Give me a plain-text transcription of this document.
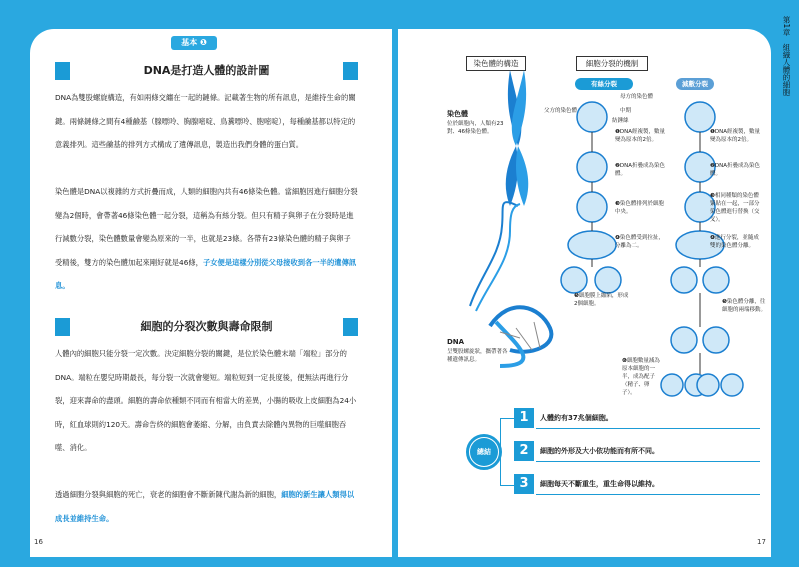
基本 ❶
DNA是打造人體的設計圖

DNA為雙股螺旋構造，有如兩條交纏在一起的鏈條。記載著生物的所有訊息，是維持生命的關鍵。兩條鏈條之間有4種鹼基（腺嘌呤、胸腺嘧啶、鳥糞嘌呤、胞嘧啶），每種鹼基都以特定的意義排列。這些鹼基的排列方式構成了遺傳訊息，製造出我們身體的蛋白質。

染色體是DNA以複雜的方式折疊而成，人類的細胞內共有46條染色體。當細胞因進行細胞分裂變為2個時，會帶著46條染色體一起分裂，這稱為有絲分裂。但只有精子與卵子在分裂時是進行減數分裂，染色體數量會變為原來的一半，也就是23條。各帶有23條染色體的精子與卵子受精後，雙方的染色體加起來剛好就是46條，子女便是這樣分別從父母接收到各一半的遺傳訊息。

細胞的分裂次數與壽命限制

人體內的細胞只能分裂一定次數。決定細胞分裂的關鍵，是位於染色體末端「端粒」部分的DNA。端粒在嬰兒時期最長，每分裂一次就會變短。端粒短到一定長度後，便無法再進行分裂，迎來壽命的盡頭。細胞的壽命依種類不同而有相當大的差異，小腸的吸收上皮細胞為24小時，紅血球則約120天。壽命告終的細胞會萎縮、分解，由負責去除體內異物的巨噬細胞吞噬、消化。

透過細胞分裂與細胞的死亡，衰老的細胞會不斷新陳代謝為新的細胞，細胞的新生讓人類得以成長並維持生命。

16	17
第1章　組織人體的細胞
染色體的構造
染色體
位於細胞內，人類有23對、46條染色體。
DNA
呈雙股螺旋狀，攜帶著各種遺傳訊息。
細胞分裂的機制
有絲分裂	減數分裂
母方的染色體
父方的染色體	中期
紡錘絲
❶DNA經複製，數量變為原本的2倍。
❷DNA折疊成為染色體。
❸染色體排列於細胞中央。
❹染色體受到拉扯，分離為二。
❺細胞膜上縮陷，形成2個細胞。
❶DNA經複製，數量變為原本的2倍。
❷DNA折疊成為染色體。
❸相同種類的染色體緊貼在一起，一部分染色體進行替換（交叉）。
❹進行分裂，並隨成雙的染色體分離。
❺染色體分離，往細胞的兩端移動。
❻細胞數量減為原本細胞的一半，成為配子（精子、卵子）。
總結
1	人體約有37兆個細胞。
2	細胞的外形及大小依功能而有所不同。
3	細胞每天不斷重生，重生命得以維持。
